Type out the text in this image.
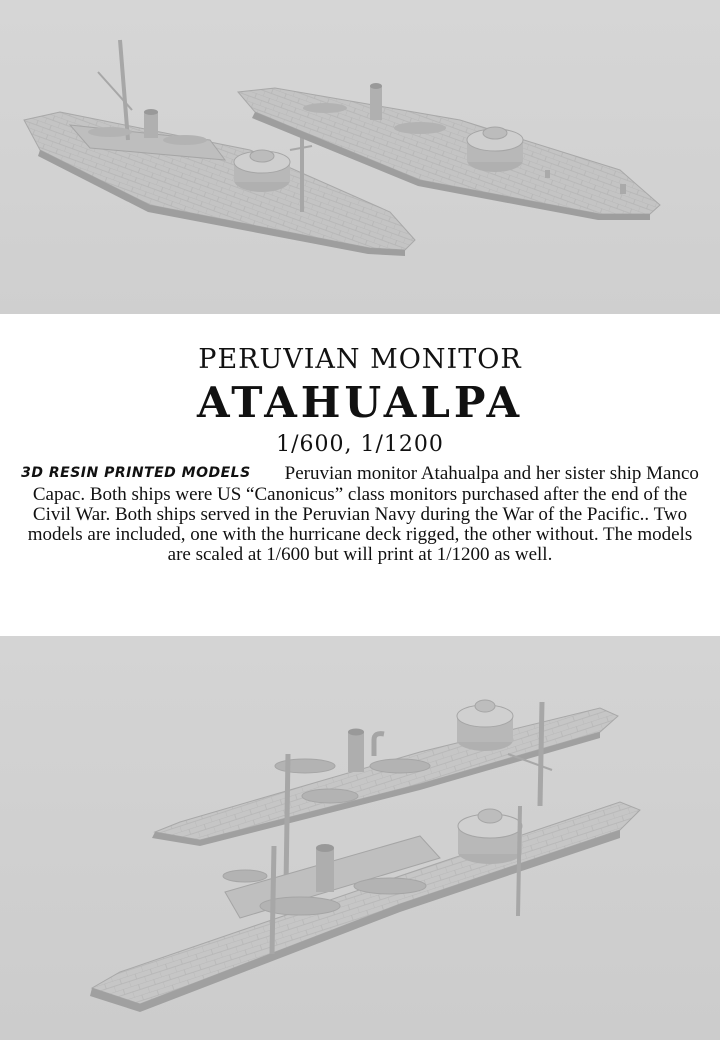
PERUVIAN MONITOR
ATAHUALPA
1/600, 1/1200
3D RESIN PRINTED MODELS Peruvian monitor Atahualpa and her sister ship Manco Capac. Both ships were US “Canonicus” class monitors purchased after the end of the Civil War. Both ships served in the Peruvian Navy during the War of the Pacific.. Two models are included, one with the hurricane deck rigged, the other without. The models are scaled at 1/600 but will print at 1/1200 as well.
